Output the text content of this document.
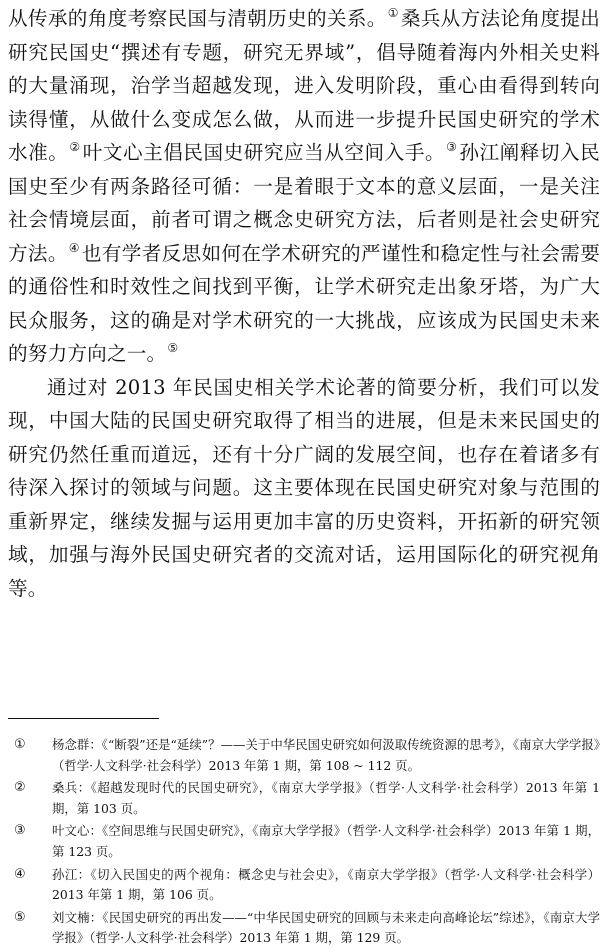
从传承的角度考察民国与清朝历史的关系。① 桑兵从方法论角度提出研究民国史“撰述有专题，研究无界域”，倡导随着海内外相关史料的大量涌现，治学当超越发现，进入发明阶段，重心由看得到转向读得懂，从做什么变成怎么做，从而进一步提升民国史研究的学术水准。② 叶文心主倡民国史研究应当从空间入手。③ 孙江阐释切入民国史至少有两条路径可循：一是着眼于文本的意义层面，一是关注社会情境层面，前者可谓之概念史研究方法，后者则是社会史研究方法。④ 也有学者反思如何在学术研究的严谨性和稳定性与社会需要的通俗性和时效性之间找到平衡，让学术研究走出象牙塔，为广大民众服务，这的确是对学术研究的一大挑战，应该成为民国史未来的努力方向之一。⑤

通过对 2013 年民国史相关学术论著的简要分析，我们可以发现，中国大陆的民国史研究取得了相当的进展，但是未来民国史的研究仍然任重而道远，还有十分广阔的发展空间，也存在着诸多有待深入探讨的领域与问题。这主要体现在民国史研究对象与范围的重新界定，继续发掘与运用更加丰富的历史资料，开拓新的研究领域，加强与海外民国史研究者的交流对话，运用国际化的研究视角等。

①	杨念群：《“断裂”还是“延续”？——关于中华民国史研究如何汲取传统资源的思考》，《南京大学学报》（哲学·人文科学·社会科学）2013 年第 1 期，第 108 ~ 112 页。
②	桑兵：《超越发现时代的民国史研究》，《南京大学学报》（哲学·人文科学·社会科学）2013 年第 1 期，第 103 页。
③	叶文心：《空间思维与民国史研究》，《南京大学学报》（哲学·人文科学·社会科学）2013 年第 1 期，第 123 页。
④	孙江：《切入民国史的两个视角：概念史与社会史》，《南京大学学报》（哲学·人文科学·社会科学）2013 年第 1 期，第 106 页。
⑤	刘文楠：《民国史研究的再出发——“中华民国史研究的回顾与未来走向高峰论坛”综述》，《南京大学学报》（哲学·人文科学·社会科学）2013 年第 1 期，第 129 页。
